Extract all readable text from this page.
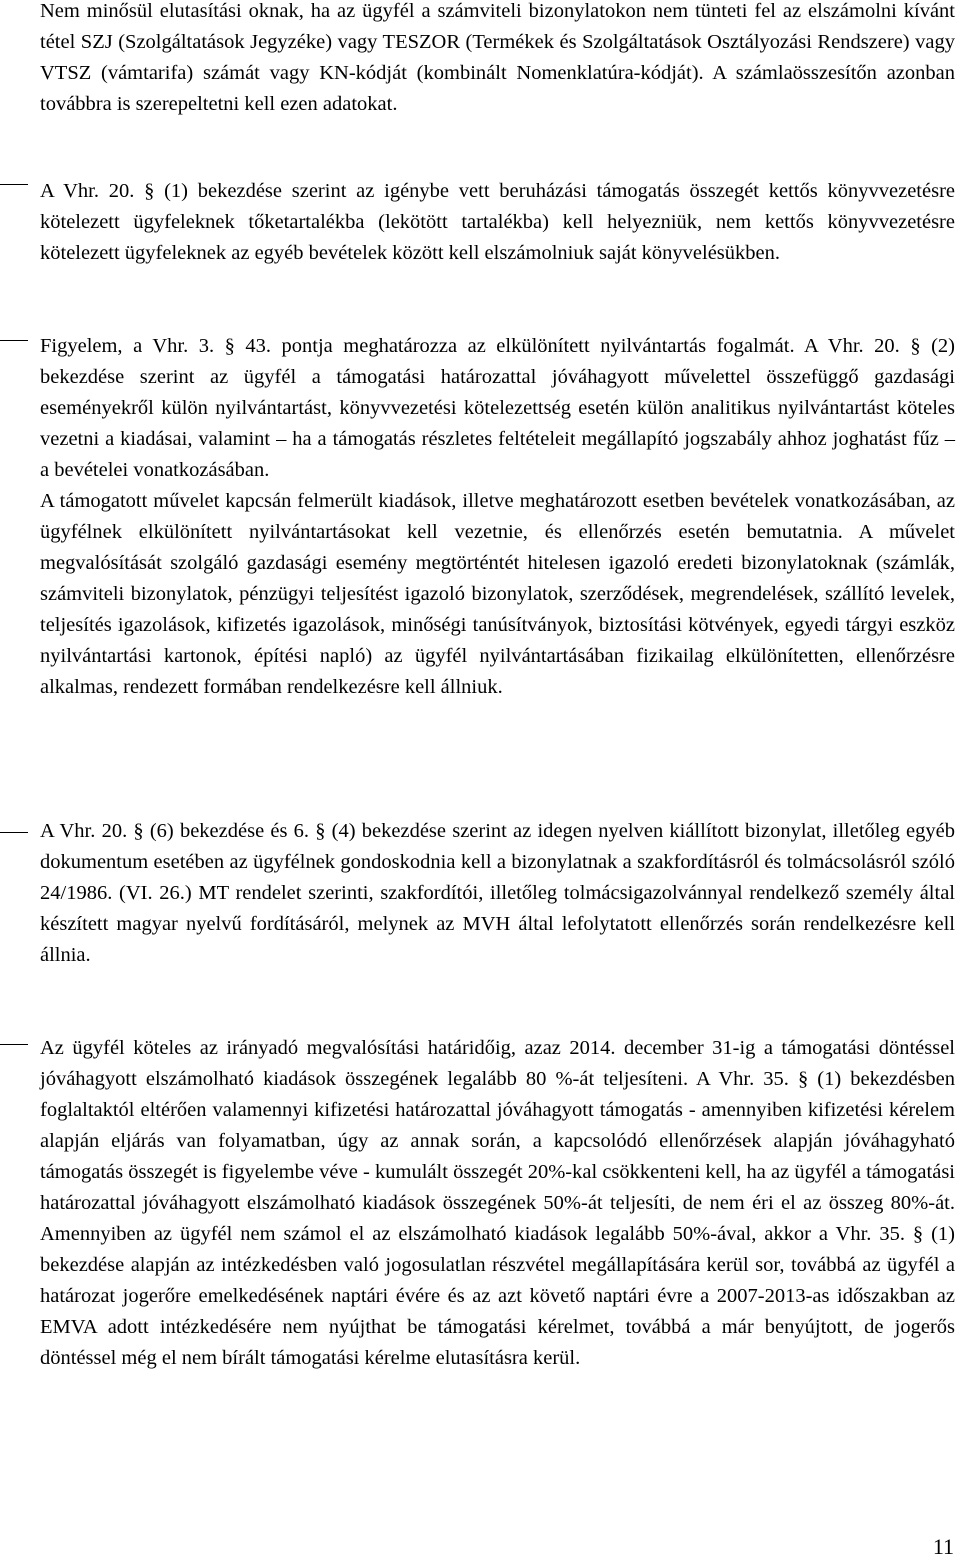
Nem minősül elutasítási oknak, ha az ügyfél a számviteli bizonylatokon nem tünteti fel az elszámolni kívánt tétel SZJ (Szolgáltatások Jegyzéke) vagy TESZOR (Termékek és Szolgáltatások Osztályozási Rendszere) vagy VTSZ (vámtarifa) számát vagy KN-kódját (kombinált Nomenklatúra-kódját). A számlaösszesítőn azonban továbbra is szerepeltetni kell ezen adatokat.

A Vhr. 20. § (1) bekezdése szerint az igénybe vett beruházási támogatás összegét kettős könyvvezetésre kötelezett ügyfeleknek tőketartalékba (lekötött tartalékba) kell helyezniük, nem kettős könyvvezetésre kötelezett ügyfeleknek az egyéb bevételek között kell elszámolniuk saját könyvelésükben.

Figyelem, a Vhr. 3. § 43. pontja meghatározza az elkülönített nyilvántartás fogalmát. A Vhr. 20. § (2) bekezdése szerint az ügyfél a támogatási határozattal jóváhagyott művelettel összefüggő gazdasági eseményekről külön nyilvántartást, könyvvezetési kötelezettség esetén külön analitikus nyilvántartást köteles vezetni a kiadásai, valamint – ha a támogatás részletes feltételeit megállapító jogszabály ahhoz joghatást fűz – a bevételei vonatkozásában.

A támogatott művelet kapcsán felmerült kiadások, illetve meghatározott esetben bevételek vonatkozásában, az ügyfélnek elkülönített nyilvántartásokat kell vezetnie, és ellenőrzés esetén bemutatnia. A művelet megvalósítását szolgáló gazdasági esemény megtörténtét hitelesen igazoló eredeti bizonylatoknak (számlák, számviteli bizonylatok, pénzügyi teljesítést igazoló bizonylatok, szerződések, megrendelések, szállító levelek, teljesítés igazolások, kifizetés igazolások, minőségi tanúsítványok, biztosítási kötvények, egyedi tárgyi eszköz nyilvántartási kartonok, építési napló) az ügyfél nyilvántartásában fizikailag elkülönítetten, ellenőrzésre alkalmas, rendezett formában rendelkezésre kell állniuk.

A Vhr. 20. § (6) bekezdése és 6. § (4) bekezdése szerint az idegen nyelven kiállított bizonylat, illetőleg egyéb dokumentum esetében az ügyfélnek gondoskodnia kell a bizonylatnak a szakfordításról és tolmácsolásról szóló 24/1986. (VI. 26.) MT rendelet szerinti, szakfordítói, illetőleg tolmácsigazolvánnyal rendelkező személy által készített magyar nyelvű fordításáról, melynek az MVH által lefolytatott ellenőrzés során rendelkezésre kell állnia.

Az ügyfél köteles az irányadó megvalósítási határidőig, azaz 2014. december 31-ig a támogatási döntéssel jóváhagyott elszámolható kiadások összegének legalább 80 %-át teljesíteni. A Vhr. 35. § (1) bekezdésben foglaltaktól eltérően valamennyi kifizetési határozattal jóváhagyott támogatás - amennyiben kifizetési kérelem alapján eljárás van folyamatban, úgy az annak során, a kapcsolódó ellenőrzések alapján jóváhagyható támogatás összegét is figyelembe véve - kumulált összegét 20%-kal csökkenteni kell, ha az ügyfél a támogatási határozattal jóváhagyott elszámolható kiadások összegének 50%-át teljesíti, de nem éri el az összeg 80%-át. Amennyiben az ügyfél nem számol el az elszámolható kiadások legalább 50%-ával, akkor a Vhr. 35. § (1) bekezdése alapján az intézkedésben való jogosulatlan részvétel megállapítására kerül sor, továbbá az ügyfél a határozat jogerőre emelkedésének naptári évére és az azt követő naptári évre a 2007-2013-as időszakban az EMVA adott intézkedésére nem nyújthat be támogatási kérelmet, továbbá a már benyújtott, de jogerős döntéssel még el nem bírált támogatási kérelme elutasításra kerül.

11
